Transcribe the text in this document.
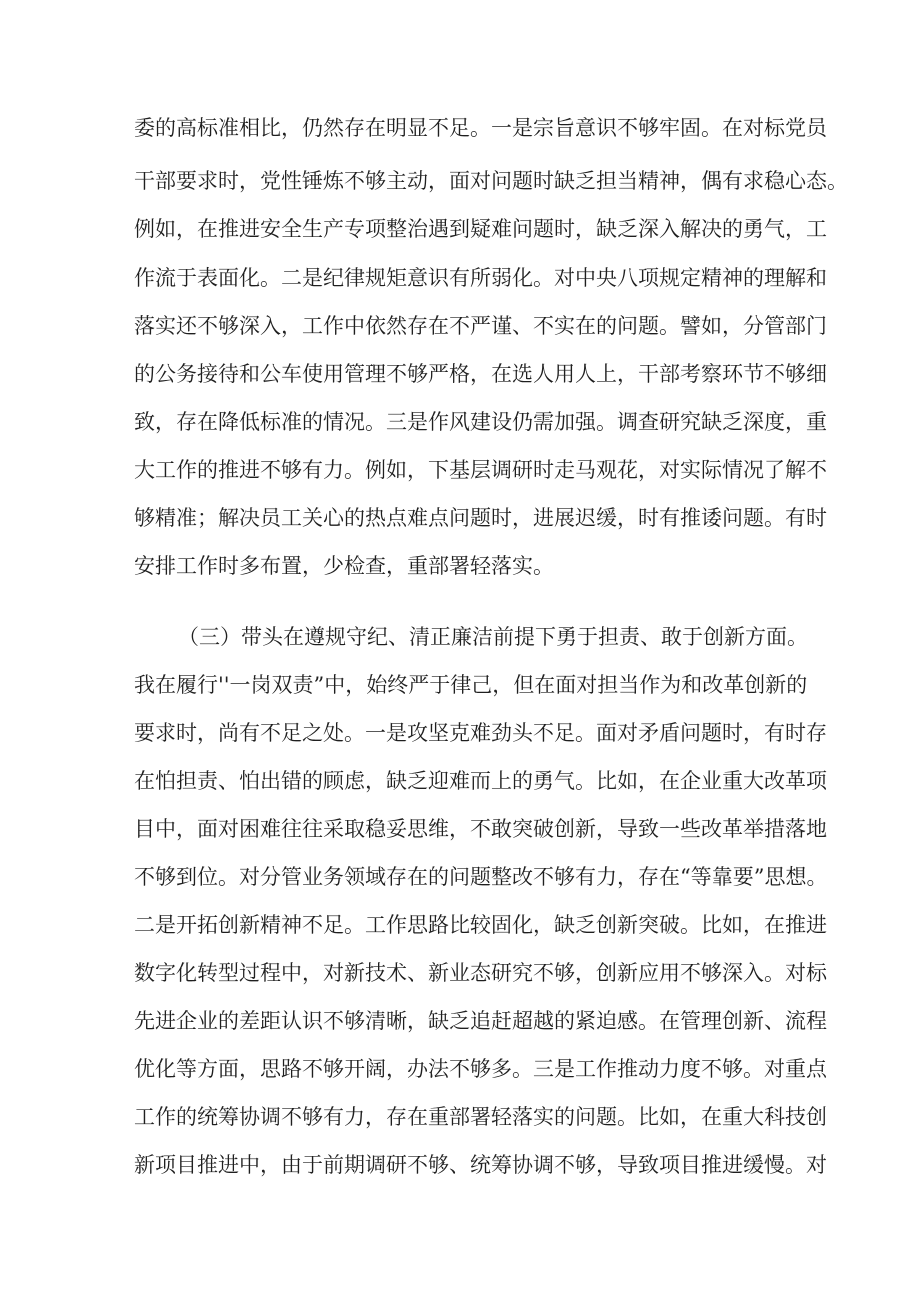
委的高标准相比，仍然存在明显不足。一是宗旨意识不够牢固。在对标党员

干部要求时，党性锤炼不够主动，面对问题时缺乏担当精神，偶有求稳心态。

例如，在推进安全生产专项整治遇到疑难问题时，缺乏深入解决的勇气，工

作流于表面化。二是纪律规矩意识有所弱化。对中央八项规定精神的理解和

落实还不够深入，工作中依然存在不严谨、不实在的问题。譬如，分管部门

的公务接待和公车使用管理不够严格，在选人用人上，干部考察环节不够细

致，存在降低标准的情况。三是作风建设仍需加强。调查研究缺乏深度，重

大工作的推进不够有力。例如，下基层调研时走马观花，对实际情况了解不

够精准；解决员工关心的热点难点问题时，进展迟缓，时有推诿问题。有时

安排工作时多布置，少检查，重部署轻落实。

（三）带头在遵规守纪、清正廉洁前提下勇于担责、敢于创新方面。

我在履行''一岗双责”中，始终严于律己，但在面对担当作为和改革创新的

要求时，尚有不足之处。一是攻坚克难劲头不足。面对矛盾问题时，有时存

在怕担责、怕出错的顾虑，缺乏迎难而上的勇气。比如，在企业重大改革项

目中，面对困难往往采取稳妥思维，不敢突破创新，导致一些改革举措落地

不够到位。对分管业务领域存在的问题整改不够有力，存在“等靠要”思想。

二是开拓创新精神不足。工作思路比较固化，缺乏创新突破。比如，在推进

数字化转型过程中，对新技术、新业态研究不够，创新应用不够深入。对标

先进企业的差距认识不够清晰，缺乏追赶超越的紧迫感。在管理创新、流程

优化等方面，思路不够开阔，办法不够多。三是工作推动力度不够。对重点

工作的统筹协调不够有力，存在重部署轻落实的问题。比如，在重大科技创

新项目推进中，由于前期调研不够、统筹协调不够，导致项目推进缓慢。对
